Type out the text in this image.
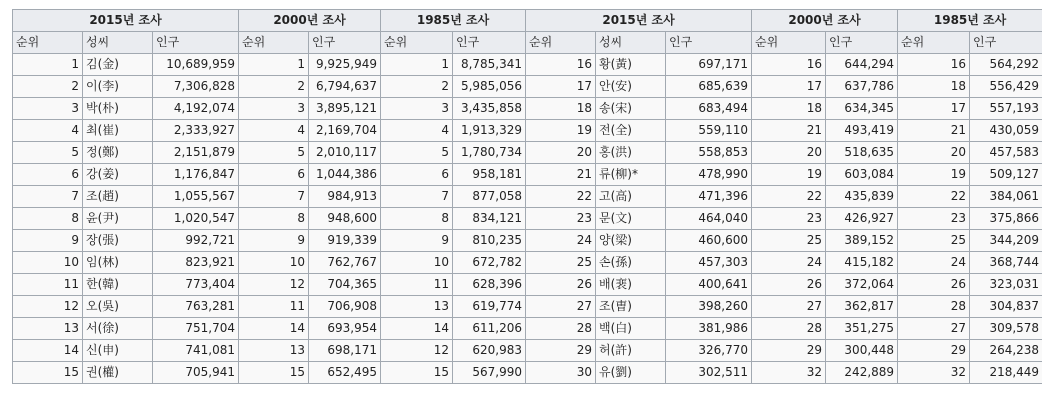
2015년 조사			2000년 조사		1985년 조사		2015년 조사			2000년 조사		1985년 조사	
순위	성씨	인구	순위	인구	순위	인구	순위	성씨	인구	순위	인구	순위	인구
1	김(金)	10,689,959	1	9,925,949	1	8,785,341	16	황(黃)	697,171	16	644,294	16	564,292
2	이(李)	7,306,828	2	6,794,637	2	5,985,056	17	안(安)	685,639	17	637,786	18	556,429
3	박(朴)	4,192,074	3	3,895,121	3	3,435,858	18	송(宋)	683,494	18	634,345	17	557,193
4	최(崔)	2,333,927	4	2,169,704	4	1,913,329	19	전(全)	559,110	21	493,419	21	430,059
5	정(鄭)	2,151,879	5	2,010,117	5	1,780,734	20	홍(洪)	558,853	20	518,635	20	457,583
6	강(姜)	1,176,847	6	1,044,386	6	958,181	21	류(柳)*	478,990	19	603,084	19	509,127
7	조(趙)	1,055,567	7	984,913	7	877,058	22	고(高)	471,396	22	435,839	22	384,061
8	윤(尹)	1,020,547	8	948,600	8	834,121	23	문(文)	464,040	23	426,927	23	375,866
9	장(張)	992,721	9	919,339	9	810,235	24	양(梁)	460,600	25	389,152	25	344,209
10	임(林)	823,921	10	762,767	10	672,782	25	손(孫)	457,303	24	415,182	24	368,744
11	한(韓)	773,404	12	704,365	11	628,396	26	배(裵)	400,641	26	372,064	26	323,031
12	오(吳)	763,281	11	706,908	13	619,774	27	조(曺)	398,260	27	362,817	28	304,837
13	서(徐)	751,704	14	693,954	14	611,206	28	백(白)	381,986	28	351,275	27	309,578
14	신(申)	741,081	13	698,171	12	620,983	29	허(許)	326,770	29	300,448	29	264,238
15	권(權)	705,941	15	652,495	15	567,990	30	유(劉)	302,511	32	242,889	32	218,449
